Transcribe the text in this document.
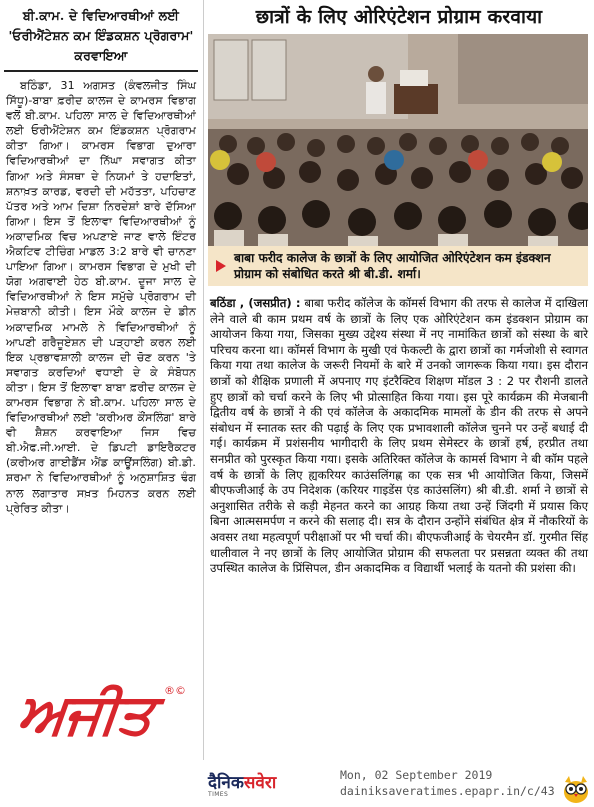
ਬੀ.ਕਾਮ. ਦੇ ਵਿਦਿਆਰਥੀਆਂ ਲਈ 'ਓਰੀਐਂਟੇਸ਼ਨ ਕਮ ਇੰਡਕਸ਼ਨ ਪ੍ਰੋਗਰਾਮ' ਕਰਵਾਇਆ

ਬਠਿੰਡਾ, 31 ਅਗਸਤ (ਕੰਵਲਜੀਤ ਸਿੰਘ ਸਿੱਧੂ)-ਬਾਬਾ ਫ਼ਰੀਦ ਕਾਲਜ ਦੇ ਕਾਮਰਸ ਵਿਭਾਗ ਵਲੋਂ ਬੀ.ਕਾਮ. ਪਹਿਲਾ ਸਾਲ ਦੇ ਵਿਦਿਆਰਥੀਆਂ ਲਈ ਓਰੀਐਂਟੇਸ਼ਨ ਕਮ ਇੰਡਕਸ਼ਨ ਪ੍ਰੋਗਰਾਮ ਕੀਤਾ ਗਿਆ। ਕਾਮਰਸ ਵਿਭਾਗ ਦੁਆਰਾ ਵਿਦਿਆਰਥੀਆਂ ਦਾ ਨਿੱਘਾ ਸਵਾਗਤ ਕੀਤਾ ਗਿਆ ਅਤੇ ਸੰਸਥਾ ਦੇ ਨਿਯਮਾਂ ਤੇ ਹਦਾਇਤਾਂ, ਸ਼ਨਾਖ਼ਤ ਕਾਰਡ, ਵਰਦੀ ਦੀ ਮਹੱਤਤਾ, ਪਹਿਚਾਣ ਪੱਤਰ ਅਤੇ ਆਮ ਦਿਸ਼ਾ ਨਿਰਦੇਸ਼ਾਂ ਬਾਰੇ ਦੱਸਿਆ ਗਿਆ। ਇਸ ਤੋਂ ਇਲਾਵਾ ਵਿਦਿਆਰਥੀਆਂ ਨੂੰ ਅਕਾਦਮਿਕ ਵਿਚ ਅਪਣਾਏ ਜਾਣ ਵਾਲੇ ਇੰਟਰ ਐਕਟਿਵ ਟੀਚਿੰਗ ਮਾਡਲ 3:2 ਬਾਰੇ ਵੀ ਚਾਨਣਾ ਪਾਇਆ ਗਿਆ। ਕਾਮਰਸ ਵਿਭਾਗ ਦੇ ਮੁਖੀ ਦੀ ਯੋਗ ਅਗਵਾਈ ਹੇਠ ਬੀ.ਕਾਮ. ਦੂਜਾ ਸਾਲ ਦੇ ਵਿਦਿਆਰਥੀਆਂ ਨੇ ਇਸ ਸਮੁੱਚੇ ਪ੍ਰੋਗਰਾਮ ਦੀ ਮੇਜ਼ਬਾਨੀ ਕੀਤੀ। ਇਸ ਮੌਕੇ ਕਾਲਜ ਦੇ ਡੀਨ ਅਕਾਦਮਿਕ ਮਾਮਲੇ ਨੇ ਵਿਦਿਆਰਥੀਆਂ ਨੂੰ ਆਪਣੀ ਗਰੈਜੂਏਸ਼ਨ ਦੀ ਪੜ੍ਹਾਈ ਕਰਨ ਲਈ ਇਕ ਪ੍ਰਭਾਵਸ਼ਾਲੀ ਕਾਲਜ ਦੀ ਚੋਣ ਕਰਨ 'ਤੇ ਸਵਾਗਤ ਕਰਦਿਆਂ ਵਧਾਈ ਦੇ ਕੇ ਸੰਬੋਧਨ ਕੀਤਾ। ਇਸ ਤੋਂ ਇਲਾਵਾ ਬਾਬਾ ਫ਼ਰੀਦ ਕਾਲਜ ਦੇ ਕਾਮਰਸ ਵਿਭਾਗ ਨੇ ਬੀ.ਕਾਮ. ਪਹਿਲਾ ਸਾਲ ਦੇ ਵਿਦਿਆਰਥੀਆਂ ਲਈ 'ਕਰੀਅਰ ਕੌਂਸਲਿੰਗ' ਬਾਰੇ ਵੀ ਸ਼ੈਸ਼ਨ ਕਰਵਾਇਆ ਜਿਸ ਵਿਚ ਬੀ.ਐਫ.ਜੀ.ਆਈ. ਦੇ ਡਿਪਟੀ ਡਾਇਰੈਕਟਰ (ਕਰੀਅਰ ਗਾਈਡੈਂਸ ਐਂਡ ਕਾਊਂਸਲਿੰਗ) ਬੀ.ਡੀ. ਸ਼ਰਮਾ ਨੇ ਵਿਦਿਆਰਥੀਆਂ ਨੂੰ ਅਨੁਸ਼ਾਸ਼ਿਤ ਢੰਗ ਨਾਲ ਲਗਾਤਾਰ ਸਖ਼ਤ ਮਿਹਨਤ ਕਰਨ ਲਈ ਪ੍ਰੇਰਿਤ ਕੀਤਾ।

ਅਜੀਤ ®©
छात्रों के लिए ओरिएंटेशन प्रोग्राम करवाया
बाबा फरीद कालेज के छात्रों के लिए आयोजित ओरिएंटेशन कम इंडक्शन प्रोग्राम को संबोधित करते श्री बी.डी. शर्मा।

बठिंडा , (जसप्रीत) : बाबा फरीद कॉलेज के कॉमर्स विभाग की तरफ से कालेज में दाखिला लेने वाले बी काम प्रथम वर्ष के छात्रों के लिए एक ओरिएंटेशन कम इंडक्शन प्रोग्राम का आयोजन किया गया, जिसका मुख्य उद्देश्य संस्था में नए नामांकित छात्रों को संस्था के बारे परिचय करना था। कॉमर्स विभाग के मुखी एवं फेकल्टी के द्वारा छात्रों का गर्मजोशी से स्वागत किया गया तथा कालेज के जरूरी नियमों के बारे में उनको जागरूक किया गया। इस दौरान छात्रों को शैक्षिक प्रणाली में अपनाए गए इंटरैक्टिव शिक्षण मॉडल 3 : 2 पर रौशनी डालते हुए छात्रों को चर्चा करने के लिए भी प्रोत्साहित किया गया। इस पूरे कार्यक्रम की मेजबानी द्वितीय वर्ष के छात्रों ने की एवं कॉलेज के अकादमिक मामलों के डीन की तरफ से अपने संबोधन में स्नातक स्तर की पढ़ाई के लिए एक प्रभावशाली कॉलेज चुनने पर उन्हें बधाई दी गई। कार्यक्रम में प्रशंसनीय भागीदारी के लिए प्रथम सेमेस्टर के छात्रों हर्ष, हरप्रीत तथा सनप्रीत को पुरस्कृत किया गया। इसके अतिरिक्त कॉलेज के कामर्स विभाग ने बी कॉम पहले वर्ष के छात्रों के लिए ह्यकरियर काउंसलिंगह्ण का एक सत्र भी आयोजित किया, जिसमें बीएफजीआई के उप निदेशक (करियर गाइडेंस एंड काउंसलिंग) श्री बी.डी. शर्मा ने छात्रों से अनुशासित तरीके से कड़ी मेहनत करने का आग्रह किया तथा उन्हें जिंदगी में प्रयास किए बिना आत्मसमर्पण न करने की सलाह दी। सत्र के दौरान उन्होंने संबंधित क्षेत्र में नौकरियों के अवसर तथा महत्वपूर्ण परीक्षाओं पर भी चर्चा की। बीएफजीआई के चेयरमैन डॉ. गुरमीत सिंह धालीवाल ने नए छात्रों के लिए आयोजित प्रोग्राम की सफलता पर प्रसन्नता व्यक्त की तथा उपस्थित कालेज के प्रिंसिपल, डीन अकादमिक व विद्यार्थी भलाई के यतनो की प्रशंसा की।

दैनिकसवेरा
TIMES
Mon, 02 September 2019
dainiksaveratimes.epapr.in/c/43
